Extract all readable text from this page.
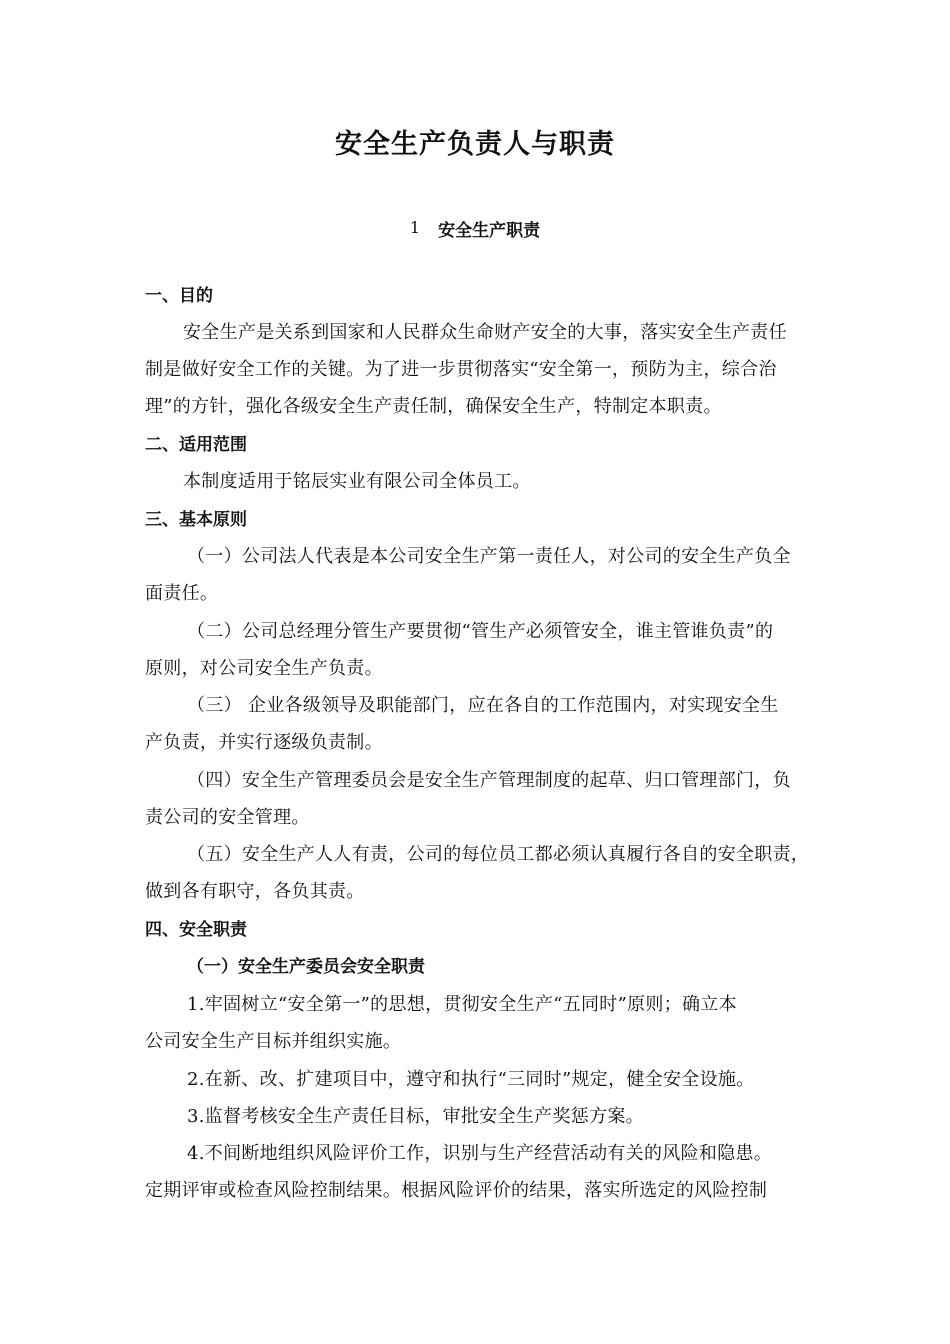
安全生产负责人与职责
1 安全生产职责
一、目的
安全生产是关系到国家和人民群众生命财产安全的大事，落实安全生产责任
制是做好安全工作的关键。为了进一步贯彻落实“安全第一，预防为主，综合治
理”的方针，强化各级安全生产责任制，确保安全生产，特制定本职责。
二、适用范围
本制度适用于铭辰实业有限公司全体员工。
三、基本原则
（一）公司法人代表是本公司安全生产第一责任人，对公司的安全生产负全
面责任。
（二）公司总经理分管生产要贯彻“管生产必须管安全，谁主管谁负责”的
原则，对公司安全生产负责。
（三） 企业各级领导及职能部门，应在各自的工作范围内，对实现安全生
产负责，并实行逐级负责制。
（四）安全生产管理委员会是安全生产管理制度的起草、归口管理部门，负
责公司的安全管理。
（五）安全生产人人有责，公司的每位员工都必须认真履行各自的安全职责，
做到各有职守，各负其责。
四、安全职责
（一）安全生产委员会安全职责
1.牢固树立“安全第一”的思想，贯彻安全生产“五同时”原则；确立本
公司安全生产目标并组织实施。
2.在新、改、扩建项目中，遵守和执行“三同时”规定，健全安全设施。
3.监督考核安全生产责任目标，审批安全生产奖惩方案。
4.不间断地组织风险评价工作，识别与生产经营活动有关的风险和隐患。
定期评审或检查风险控制结果。根据风险评价的结果，落实所选定的风险控制
